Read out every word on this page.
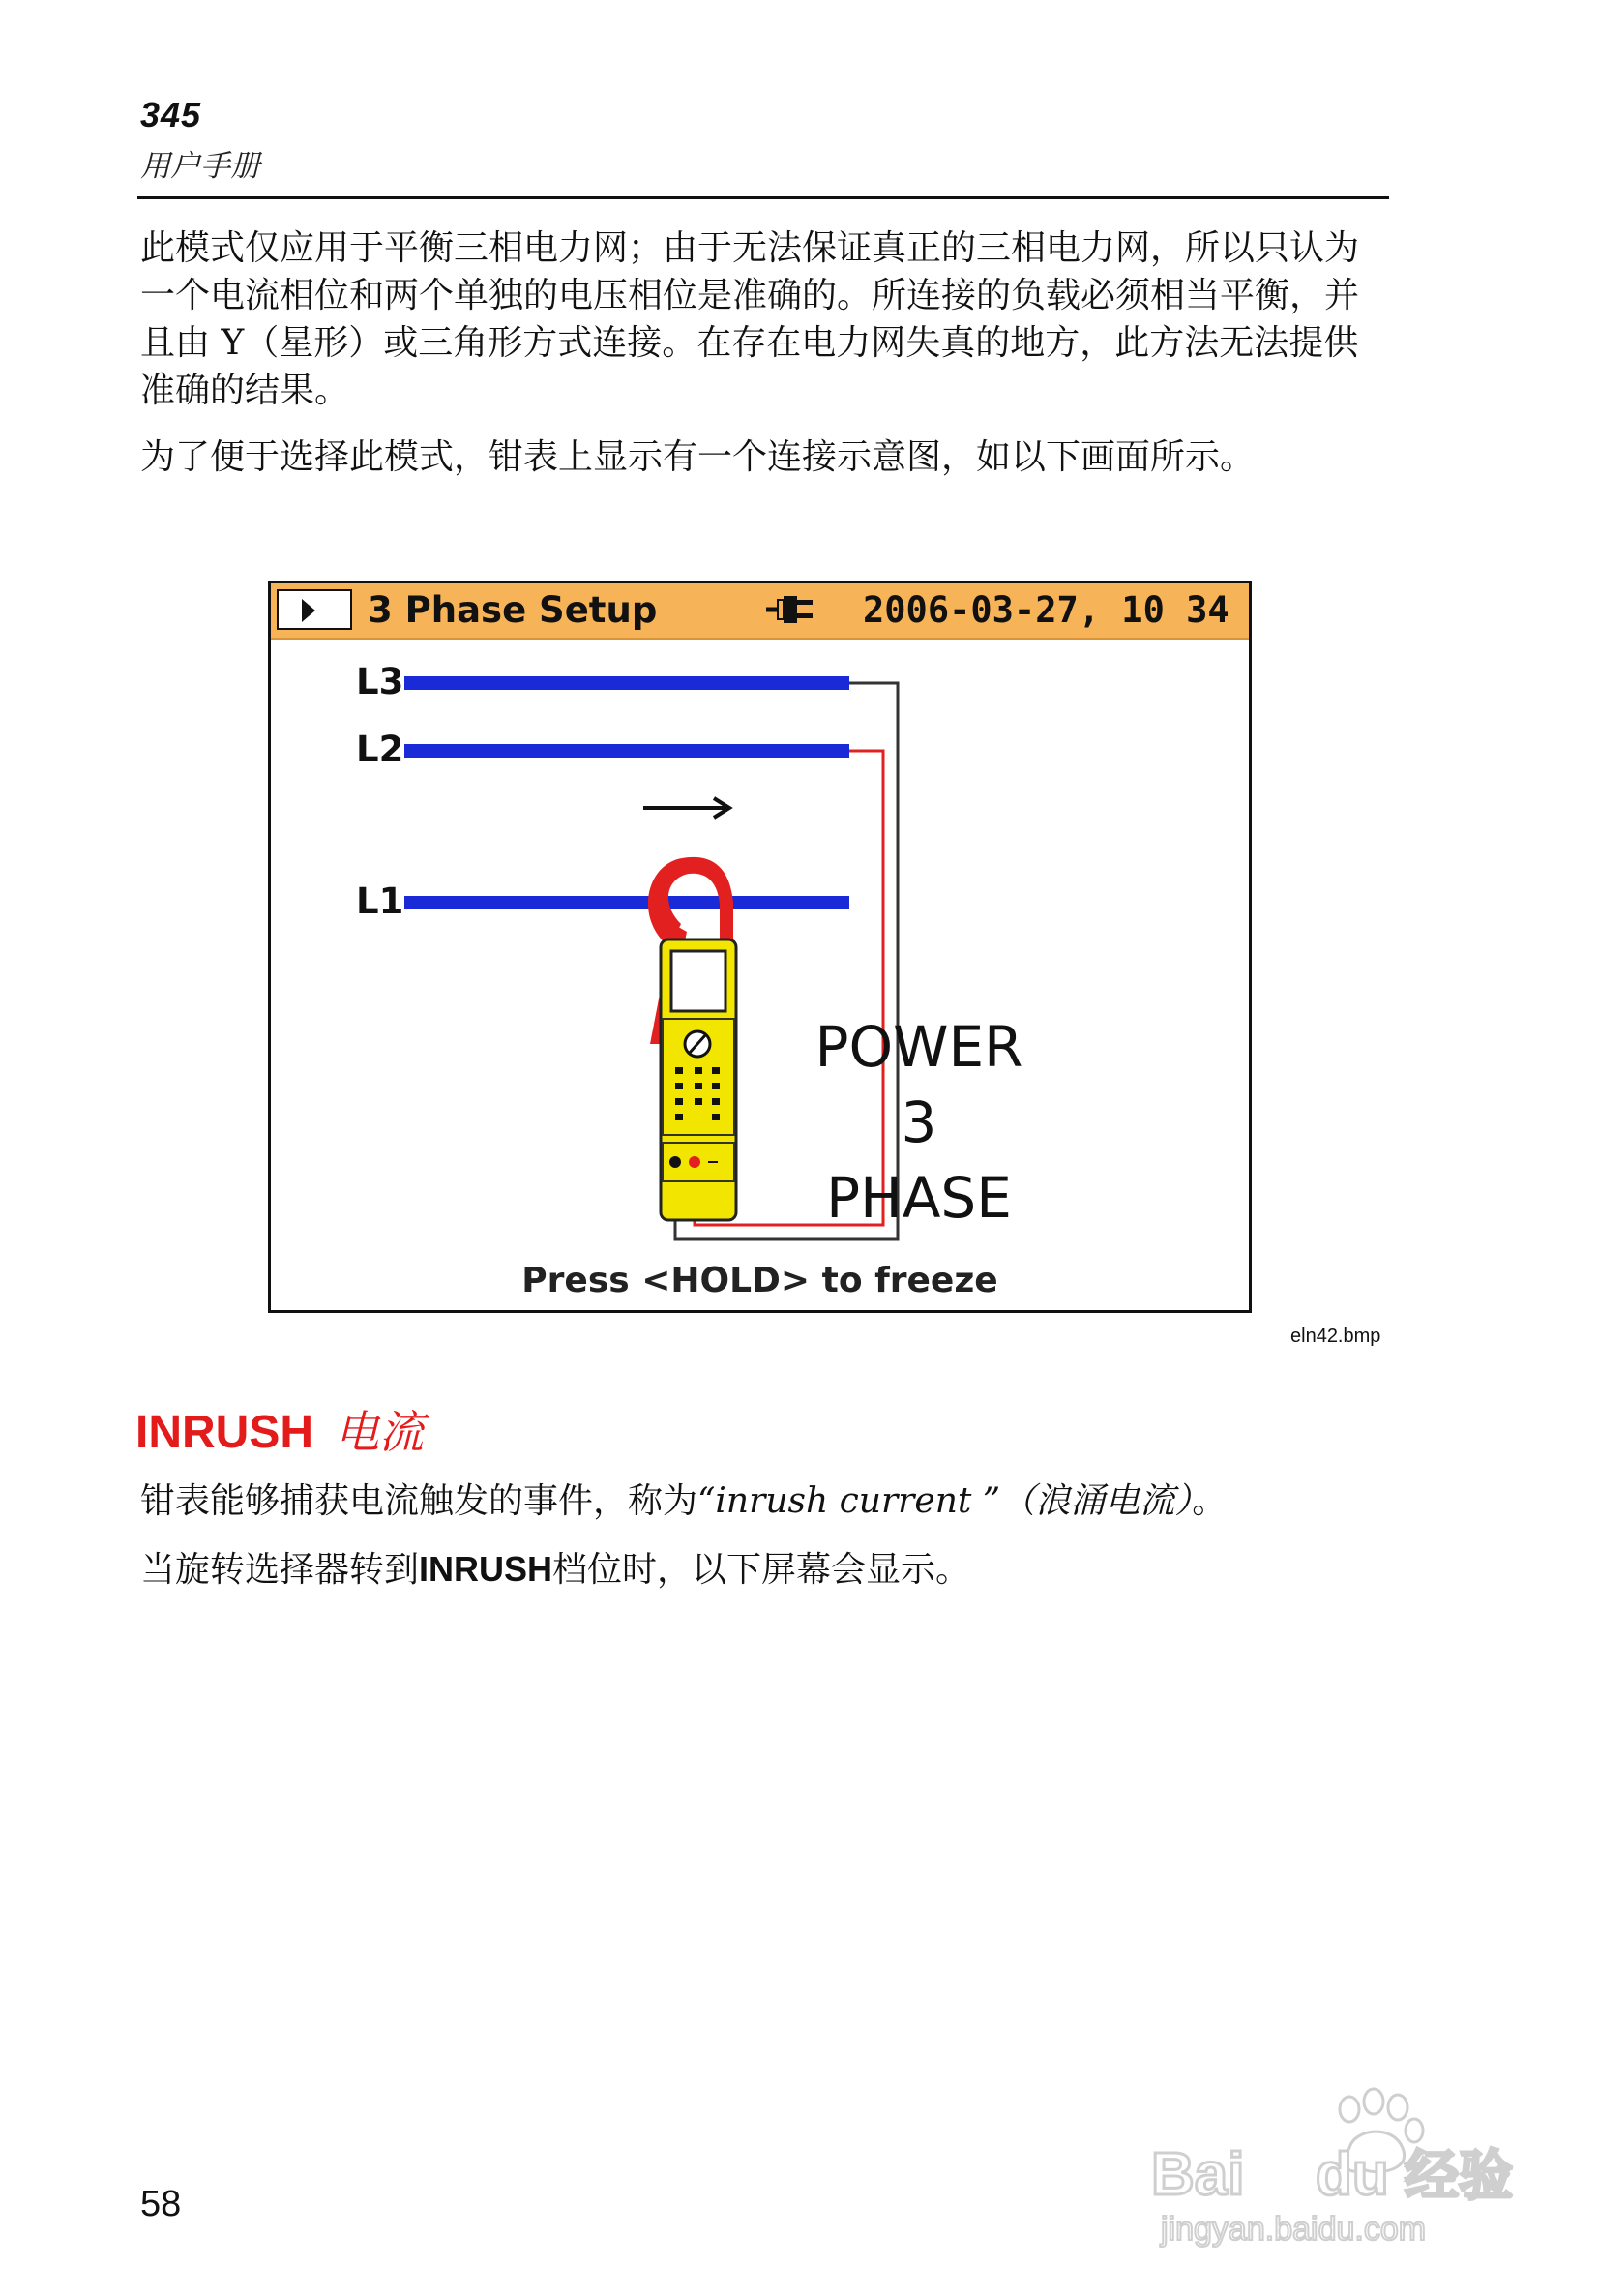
345
用户手册

此模式仅应用于平衡三相电力网；由于无法保证真正的三相电力网，所以只认为一个电流相位和两个单独的电压相位是准确的。所连接的负载必须相当平衡，并且由 Y（星形）或三角形方式连接。在存在电力网失真的地方，此方法无法提供准确的结果。

为了便于选择此模式，钳表上显示有一个连接示意图，如以下画面所示。

3 Phase Setup	2006-03-27, 10 34
L3
L2
L1
POWER
3 PHASE
Press <HOLD> to freeze
eln42.bmp
INRUSH 电流

钳表能够捕获电流触发的事件，称为“inrush current ”（浪涌电流）。

当旋转选择器转到INRUSH档位时，以下屏幕会显示。

58	Bai du 经验
jingyan.baidu.com
